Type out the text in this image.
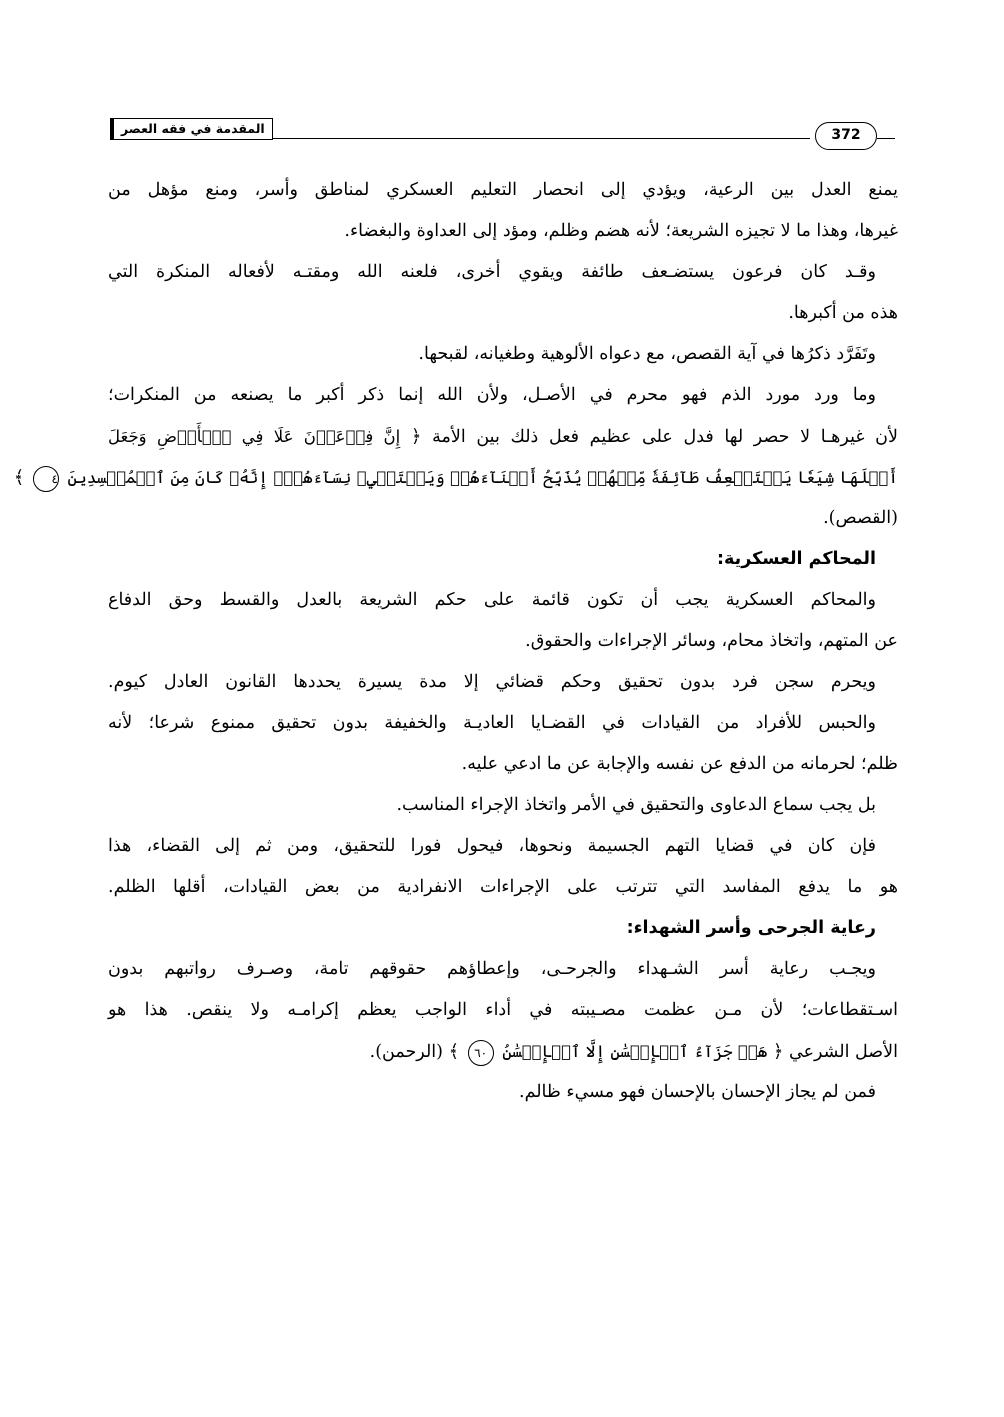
المقدمة في فقه العصر	372
يمنع العدل بين الرعية، ويؤدي إلى انحصار التعليم العسكري لمناطق وأسر، ومنع مؤهل من
غيرها، وهذا ما لا تجيزه الشريعة؛ لأنه هضم وظلم، ومؤد إلى العداوة والبغضاء.
وقـد كان فرعون يستضـعف طائفة ويقوي أخرى، فلعنه الله ومقتـه لأفعاله المنكرة التي
هذه من أكبرها.
وتَفَرَّد ذكرُها في آية القصص، مع دعواه الألوهية وطغيانه، لقبحها.
وما ورد مورد الذم فهو محرم في الأصـل، ولأن الله إنما ذكر أكبر ما يصنعه من المنكرات؛
لأن غيرهـا لا حصر لها فدل على عظيم فعل ذلك بين الأمة ﴿ إِنَّ فِرۡعَوۡنَ عَلَا فِي ٱلۡأَرۡضِ وَجَعَلَ
أَهۡلَهَا شِيَعٗا يَسۡتَضۡعِفُ طَآئِفَةٗ مِّنۡهُمۡ يُذَبِّحُ أَبۡنَآءَهُمۡ وَيَسۡتَحۡيِۦ نِسَآءَهُمۡۚ إِنَّهُۥ كَانَ مِنَ ٱلۡمُفۡسِدِينَ ٤ ﴾
(القصص).
المحاكم العسكرية:
والمحاكم العسكرية يجب أن تكون قائمة على حكم الشريعة بالعدل والقسط وحق الدفاع
عن المتهم، واتخاذ محام، وسائر الإجراءات والحقوق.
ويحرم سجن فرد بدون تحقيق وحكم قضائي إلا مدة يسيرة يحددها القانون العادل كيوم.
والحبس للأفراد من القيادات في القضـايا العاديـة والخفيفة بدون تحقيق ممنوع شرعا؛ لأنه
ظلم؛ لحرمانه من الدفع عن نفسه والإجابة عن ما ادعي عليه.
بل يجب سماع الدعاوى والتحقيق في الأمر واتخاذ الإجراء المناسب.
فإن كان في قضايا التهم الجسيمة ونحوها، فيحول فورا للتحقيق، ومن ثم إلى القضاء، هذا
هو ما يدفع المفاسد التي تترتب على الإجراءات الانفرادية من بعض القيادات، أقلها الظلم.
رعاية الجرحى وأسر الشهداء:
ويجـب رعاية أسر الشـهداء والجرحـى، وإعطاؤهم حقوقهم تامة، وصـرف رواتبهم بدون
اسـتقطاعات؛ لأن مـن عظمت مصـيبته في أداء الواجب يعظم إكرامـه ولا ينقص. هذا هو
الأصل الشرعي ﴿ هَلۡ جَزَآءُ ٱلۡإِحۡسَٰنِ إِلَّا ٱلۡإِحۡسَٰنُ ٦٠ ﴾ (الرحمن).
فمن لم يجاز الإحسان بالإحسان فهو مسيء ظالم.
